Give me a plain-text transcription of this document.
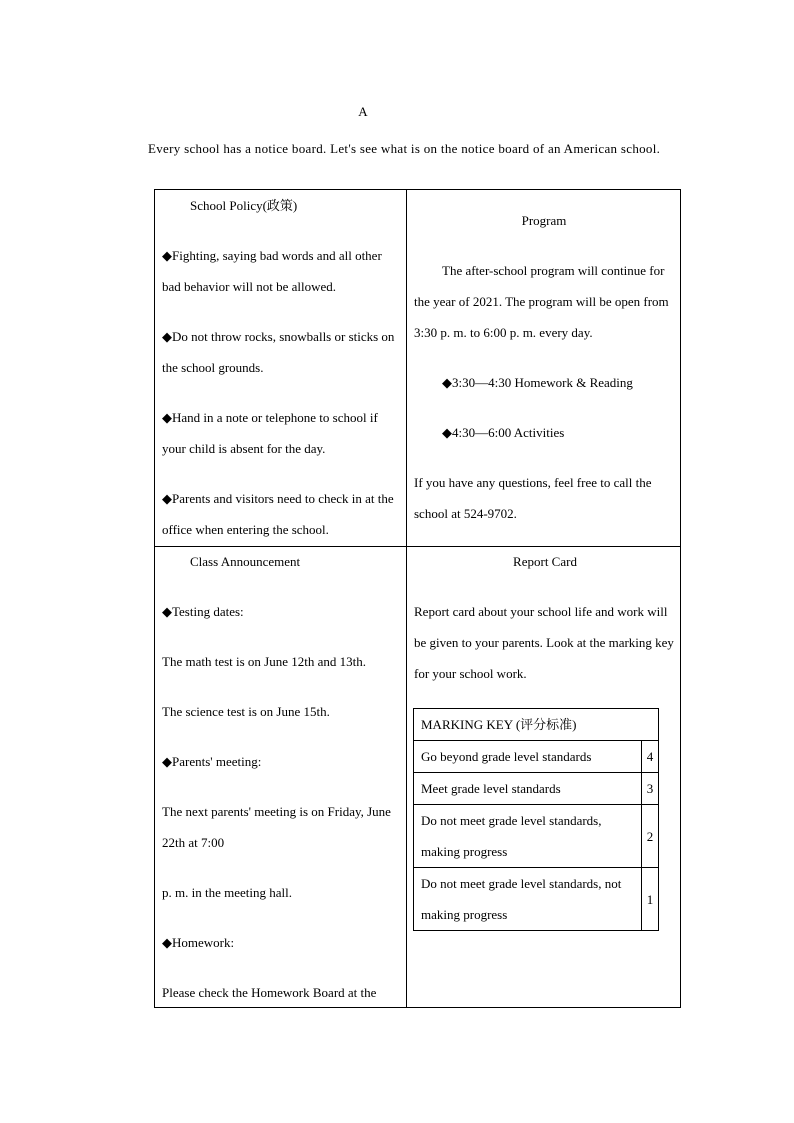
A
Every school has a notice board. Let's see what is on the notice board of an American school.

School Policy(政策)

◆Fighting, saying bad words and all other bad behavior will not be allowed.

◆Do not throw rocks, snowballs or sticks on the school grounds.

◆Hand in a note or telephone to school if your child is absent for the day.

◆Parents and visitors need to check in at the office when entering the school.

Program

The after-school program will continue for the year of 2021. The program will be open from 3:30 p. m. to 6:00 p. m. every day.

◆3:30—4:30 Homework & Reading

◆4:30—6:00 Activities

If you have any questions, feel free to call the school at 524-9702.

Class Announcement

◆Testing dates:

The math test is on June 12th and 13th.

The science test is on June 15th.

◆Parents' meeting:

The next parents' meeting is on Friday, June 22th at 7:00

p. m. in the meeting hall.

◆Homework:

Please check the Homework Board at the

Report Card

Report card about your school life and work will be given to your parents. Look at the marking key for your school work.

MARKING KEY (评分标准)
Go beyond grade level standards	4
Meet grade level standards	3
Do not meet grade level standards, making progress
2
Do not meet grade level standards, not making progress
1
